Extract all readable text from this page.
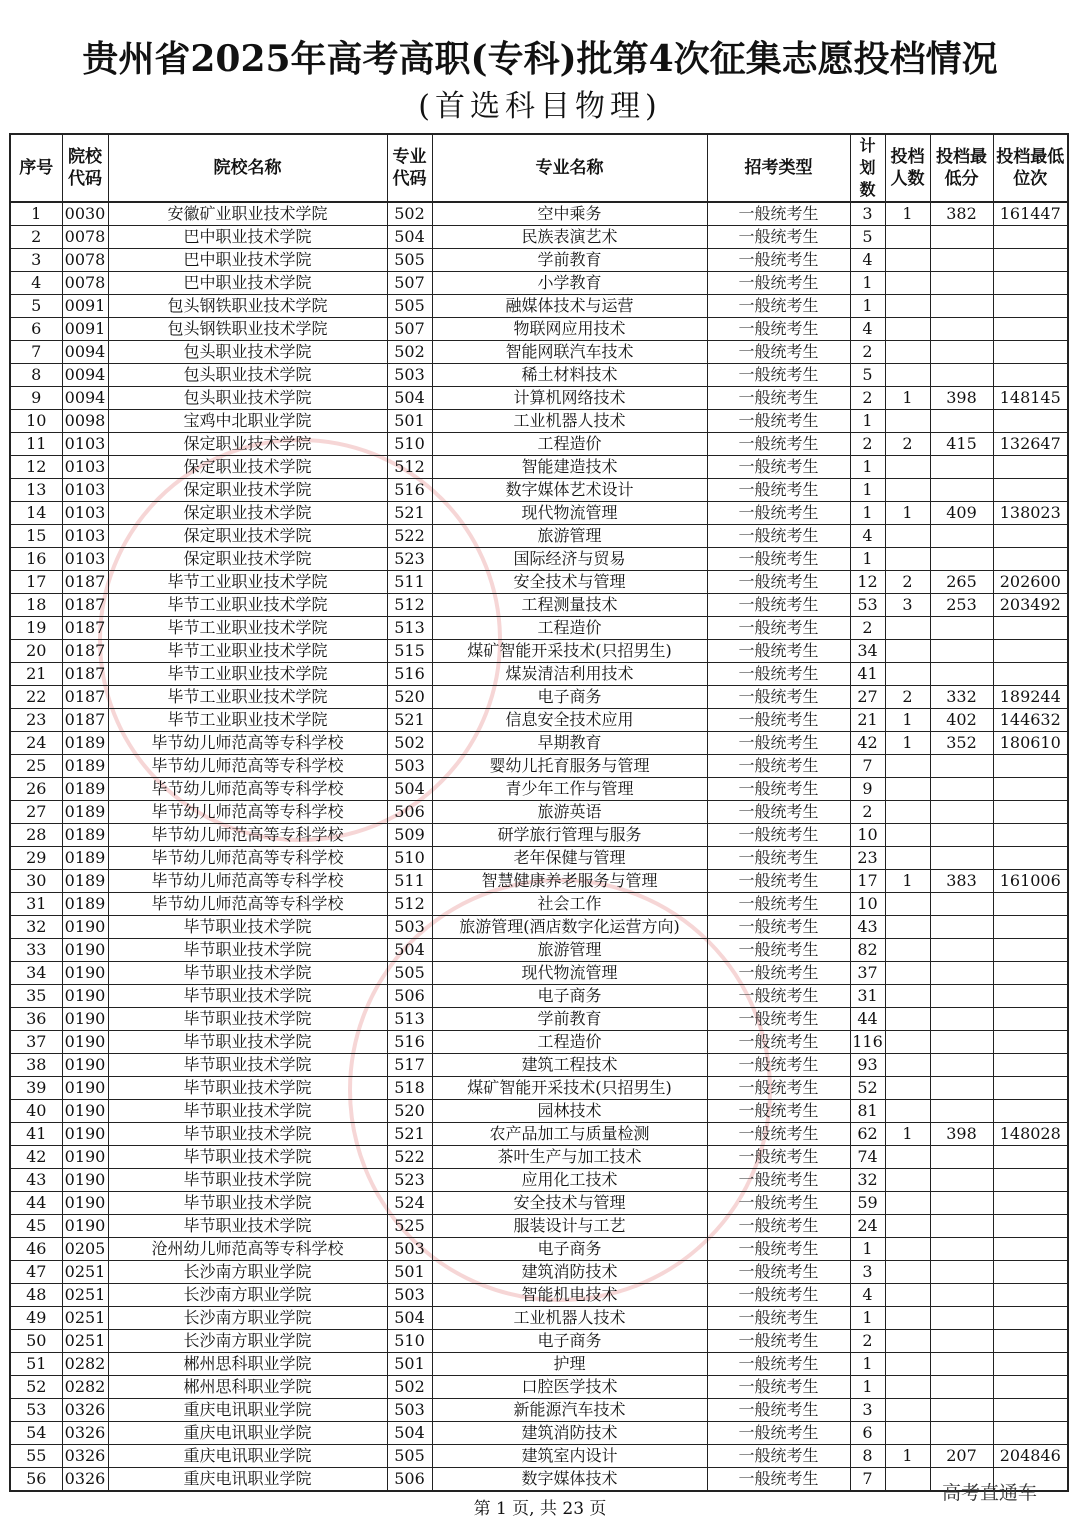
贵州省2025年高考高职(专科)批第4次征集志愿投档情况
(首选科目物理)
序号	院校代码	院校名称	专业代码	专业名称	招考类型	计划数	投档人数	投档最低分	投档最低位次

1	0030	安徽矿业职业技术学院	502	空中乘务	一般统考生	3	1	382	161447
2	0078	巴中职业技术学院	504	民族表演艺术	一般统考生	5			
3	0078	巴中职业技术学院	505	学前教育	一般统考生	4			
4	0078	巴中职业技术学院	507	小学教育	一般统考生	1			
5	0091	包头钢铁职业技术学院	505	融媒体技术与运营	一般统考生	1			
6	0091	包头钢铁职业技术学院	507	物联网应用技术	一般统考生	4			
7	0094	包头职业技术学院	502	智能网联汽车技术	一般统考生	2			
8	0094	包头职业技术学院	503	稀土材料技术	一般统考生	5			
9	0094	包头职业技术学院	504	计算机网络技术	一般统考生	2	1	398	148145
10	0098	宝鸡中北职业学院	501	工业机器人技术	一般统考生	1			
11	0103	保定职业技术学院	510	工程造价	一般统考生	2	2	415	132647
12	0103	保定职业技术学院	512	智能建造技术	一般统考生	1			
13	0103	保定职业技术学院	516	数字媒体艺术设计	一般统考生	1			
14	0103	保定职业技术学院	521	现代物流管理	一般统考生	1	1	409	138023
15	0103	保定职业技术学院	522	旅游管理	一般统考生	4			
16	0103	保定职业技术学院	523	国际经济与贸易	一般统考生	1			
17	0187	毕节工业职业技术学院	511	安全技术与管理	一般统考生	12	2	265	202600
18	0187	毕节工业职业技术学院	512	工程测量技术	一般统考生	53	3	253	203492
19	0187	毕节工业职业技术学院	513	工程造价	一般统考生	2			
20	0187	毕节工业职业技术学院	515	煤矿智能开采技术(只招男生)	一般统考生	34			
21	0187	毕节工业职业技术学院	516	煤炭清洁利用技术	一般统考生	41			
22	0187	毕节工业职业技术学院	520	电子商务	一般统考生	27	2	332	189244
23	0187	毕节工业职业技术学院	521	信息安全技术应用	一般统考生	21	1	402	144632
24	0189	毕节幼儿师范高等专科学校	502	早期教育	一般统考生	42	1	352	180610
25	0189	毕节幼儿师范高等专科学校	503	婴幼儿托育服务与管理	一般统考生	7			
26	0189	毕节幼儿师范高等专科学校	504	青少年工作与管理	一般统考生	9			
27	0189	毕节幼儿师范高等专科学校	506	旅游英语	一般统考生	2			
28	0189	毕节幼儿师范高等专科学校	509	研学旅行管理与服务	一般统考生	10			
29	0189	毕节幼儿师范高等专科学校	510	老年保健与管理	一般统考生	23			
30	0189	毕节幼儿师范高等专科学校	511	智慧健康养老服务与管理	一般统考生	17	1	383	161006
31	0189	毕节幼儿师范高等专科学校	512	社会工作	一般统考生	10			
32	0190	毕节职业技术学院	503	旅游管理(酒店数字化运营方向)	一般统考生	43			
33	0190	毕节职业技术学院	504	旅游管理	一般统考生	82			
34	0190	毕节职业技术学院	505	现代物流管理	一般统考生	37			
35	0190	毕节职业技术学院	506	电子商务	一般统考生	31			
36	0190	毕节职业技术学院	513	学前教育	一般统考生	44			
37	0190	毕节职业技术学院	516	工程造价	一般统考生	116			
38	0190	毕节职业技术学院	517	建筑工程技术	一般统考生	93			
39	0190	毕节职业技术学院	518	煤矿智能开采技术(只招男生)	一般统考生	52			
40	0190	毕节职业技术学院	520	园林技术	一般统考生	81			
41	0190	毕节职业技术学院	521	农产品加工与质量检测	一般统考生	62	1	398	148028
42	0190	毕节职业技术学院	522	茶叶生产与加工技术	一般统考生	74			
43	0190	毕节职业技术学院	523	应用化工技术	一般统考生	32			
44	0190	毕节职业技术学院	524	安全技术与管理	一般统考生	59			
45	0190	毕节职业技术学院	525	服装设计与工艺	一般统考生	24			
46	0205	沧州幼儿师范高等专科学校	503	电子商务	一般统考生	1			
47	0251	长沙南方职业学院	501	建筑消防技术	一般统考生	3			
48	0251	长沙南方职业学院	503	智能机电技术	一般统考生	4			
49	0251	长沙南方职业学院	504	工业机器人技术	一般统考生	1			
50	0251	长沙南方职业学院	510	电子商务	一般统考生	2			
51	0282	郴州思科职业学院	501	护理	一般统考生	1			
52	0282	郴州思科职业学院	502	口腔医学技术	一般统考生	1			
53	0326	重庆电讯职业学院	503	新能源汽车技术	一般统考生	3			
54	0326	重庆电讯职业学院	504	建筑消防技术	一般统考生	6			
55	0326	重庆电讯职业学院	505	建筑室内设计	一般统考生	8	1	207	204846
56	0326	重庆电讯职业学院	506	数字媒体技术	一般统考生	7			
第 1 页, 共 23 页
高考直通车
